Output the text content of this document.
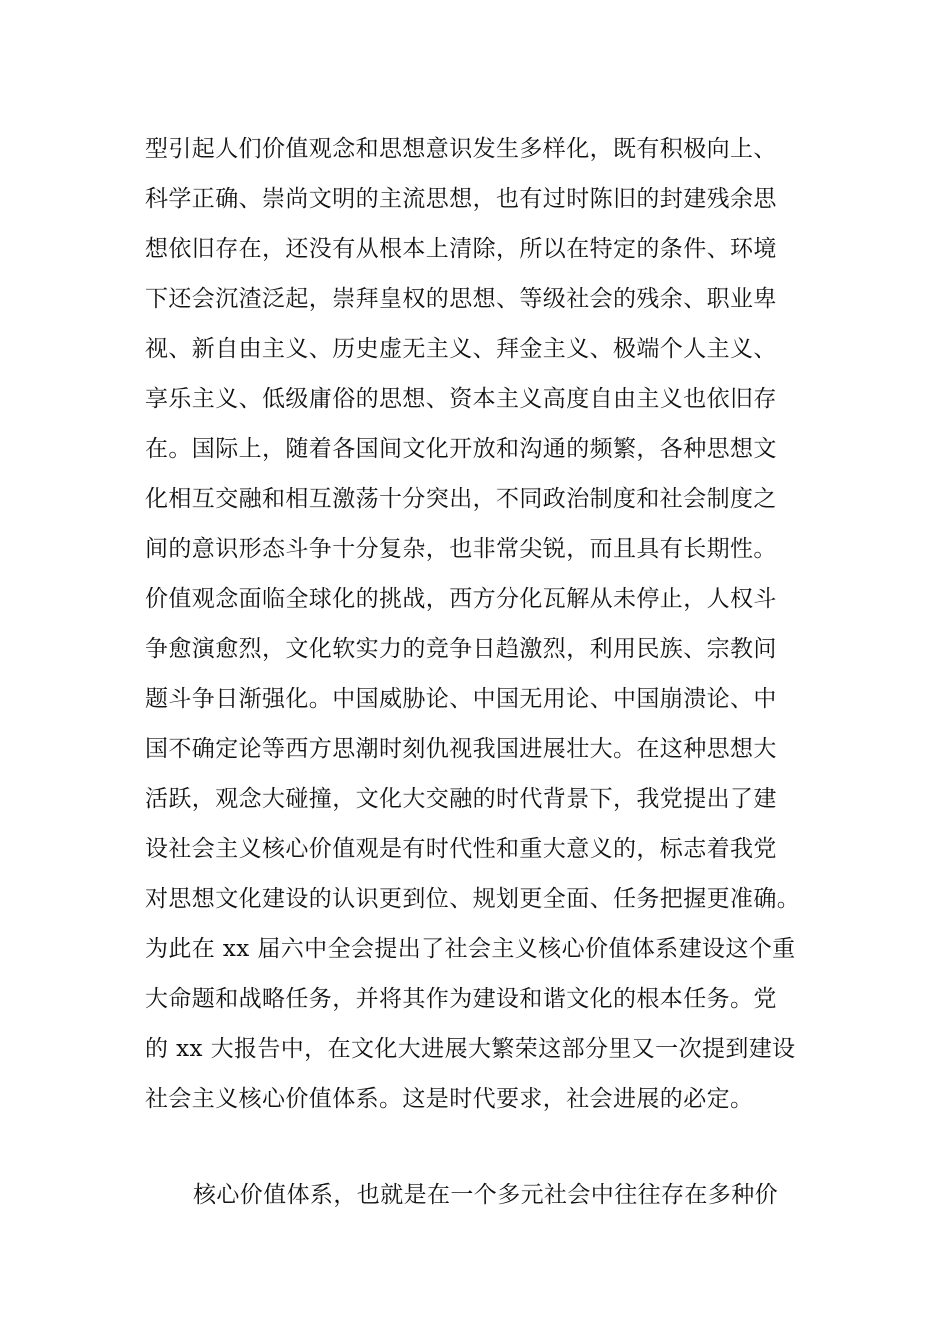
型引起人们价值观念和思想意识发生多样化，既有积极向上、
科学正确、崇尚文明的主流思想，也有过时陈旧的封建残余思
想依旧存在，还没有从根本上清除，所以在特定的条件、环境
下还会沉渣泛起，崇拜皇权的思想、等级社会的残余、职业卑
视、新自由主义、历史虚无主义、拜金主义、极端个人主义、
享乐主义、低级庸俗的思想、资本主义高度自由主义也依旧存
在。国际上，随着各国间文化开放和沟通的频繁，各种思想文
化相互交融和相互激荡十分突出，不同政治制度和社会制度之
间的意识形态斗争十分复杂，也非常尖锐，而且具有长期性。
价值观念面临全球化的挑战，西方分化瓦解从未停止，人权斗
争愈演愈烈，文化软实力的竞争日趋激烈，利用民族、宗教问
题斗争日渐强化。中国威胁论、中国无用论、中国崩溃论、中
国不确定论等西方思潮时刻仇视我国进展壮大。在这种思想大
活跃，观念大碰撞，文化大交融的时代背景下，我党提出了建
设社会主义核心价值观是有时代性和重大意义的，标志着我党
对思想文化建设的认识更到位、规划更全面、任务把握更准确。
为此在 xx 届六中全会提出了社会主义核心价值体系建设这个重
大命题和战略任务，并将其作为建设和谐文化的根本任务。党
的 xx 大报告中，在文化大进展大繁荣这部分里又一次提到建设
社会主义核心价值体系。这是时代要求，社会进展的必定。
核心价值体系，也就是在一个多元社会中往往存在多种价
